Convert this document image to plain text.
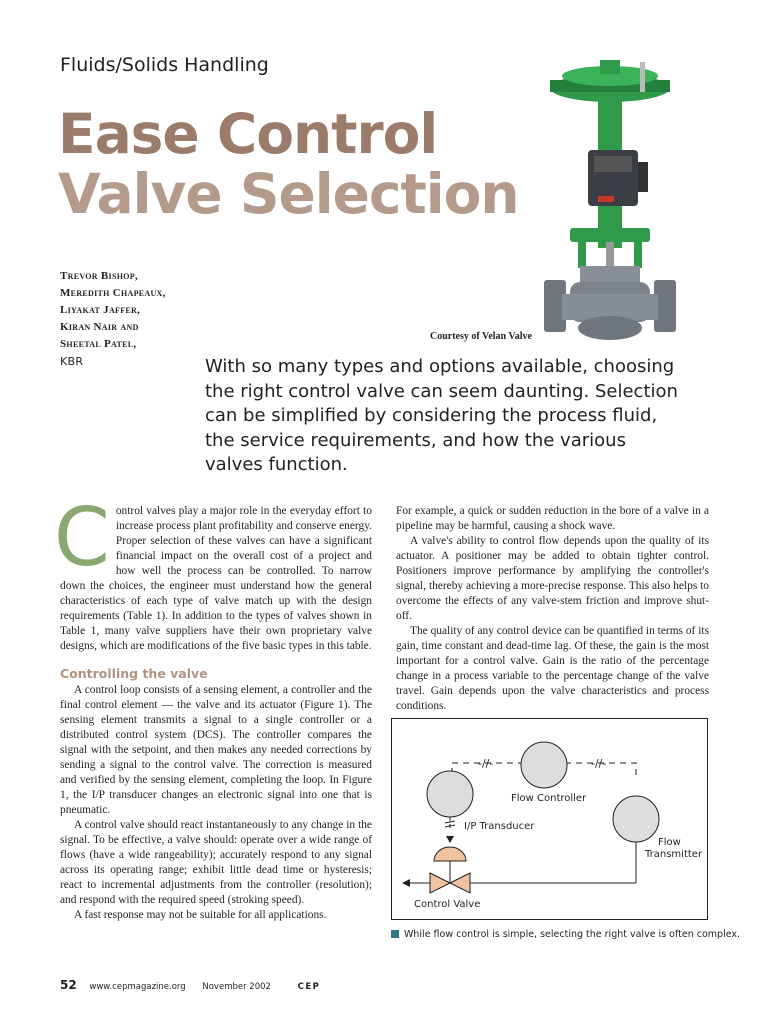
Fluids/Solids Handling
Ease Control
Valve Selection
Trevor Bishop,
Meredith Chapeaux,
Liyakat Jaffer,
Kiran Nair and
Sheetal Patel,
KBR
Courtesy of Velan Valve
With so many types and options available, choosing the right control valve can seem daunting. Selection can be simplified by considering the process fluid, the service requirements, and how the various valves function.
C ontrol valves play a major role in the everyday effort to increase process plant profitability and conserve energy. Proper selection of these valves can have a significant financial impact on the overall cost of a project and how well the process can be controlled. To narrow down the choices, the engineer must understand how the general characteristics of each type of valve match up with the design requirements (Table 1). In addition to the types of valves shown in Table 1, many valve suppliers have their own proprietary valve designs, which are modifications of the five basic types in this table.

Controlling the valve

A control loop consists of a sensing element, a controller and the final control element — the valve and its actuator (Figure 1). The sensing element transmits a signal to a single controller or a distributed control system (DCS). The controller compares the signal with the setpoint, and then makes any needed corrections by sending a signal to the control valve. The correction is measured and verified by the sensing element, completing the loop. In Figure 1, the I/P transducer changes an electronic signal into one that is pneumatic.

A control valve should react instantaneously to any change in the signal. To be effective, a valve should: operate over a wide range of flows (have a wide rangeability); accurately respond to any signal across its operating range; exhibit little dead time or hysteresis; react to incremental adjustments from the controller (resolution); and respond with the required speed (stroking speed).

A fast response may not be suitable for all applications.

For example, a quick or sudden reduction in the bore of a valve in a pipeline may be harmful, causing a shock wave.

A valve's ability to control flow depends upon the quality of its actuator. A positioner may be added to obtain tighter control. Positioners improve performance by amplifying the controller's signal, thereby achieving a more-precise response. This also helps to overcome the effects of any valve-stem friction and improve shut-off.

The quality of any control device can be quantified in terms of its gain, time constant and dead-time lag. Of these, the gain is the most important for a control valve. Gain is the ratio of the percentage change in a process variable to the percentage change of the valve travel. Gain depends upon the valve characteristics and process conditions.

-//-	-//-
Flow Controller
I/P Transducer
Flow
Transmitter
Control Valve
While flow control is simple, selecting the right valve is often complex.
52 www.cepmagazine.org November 2002	CEP
